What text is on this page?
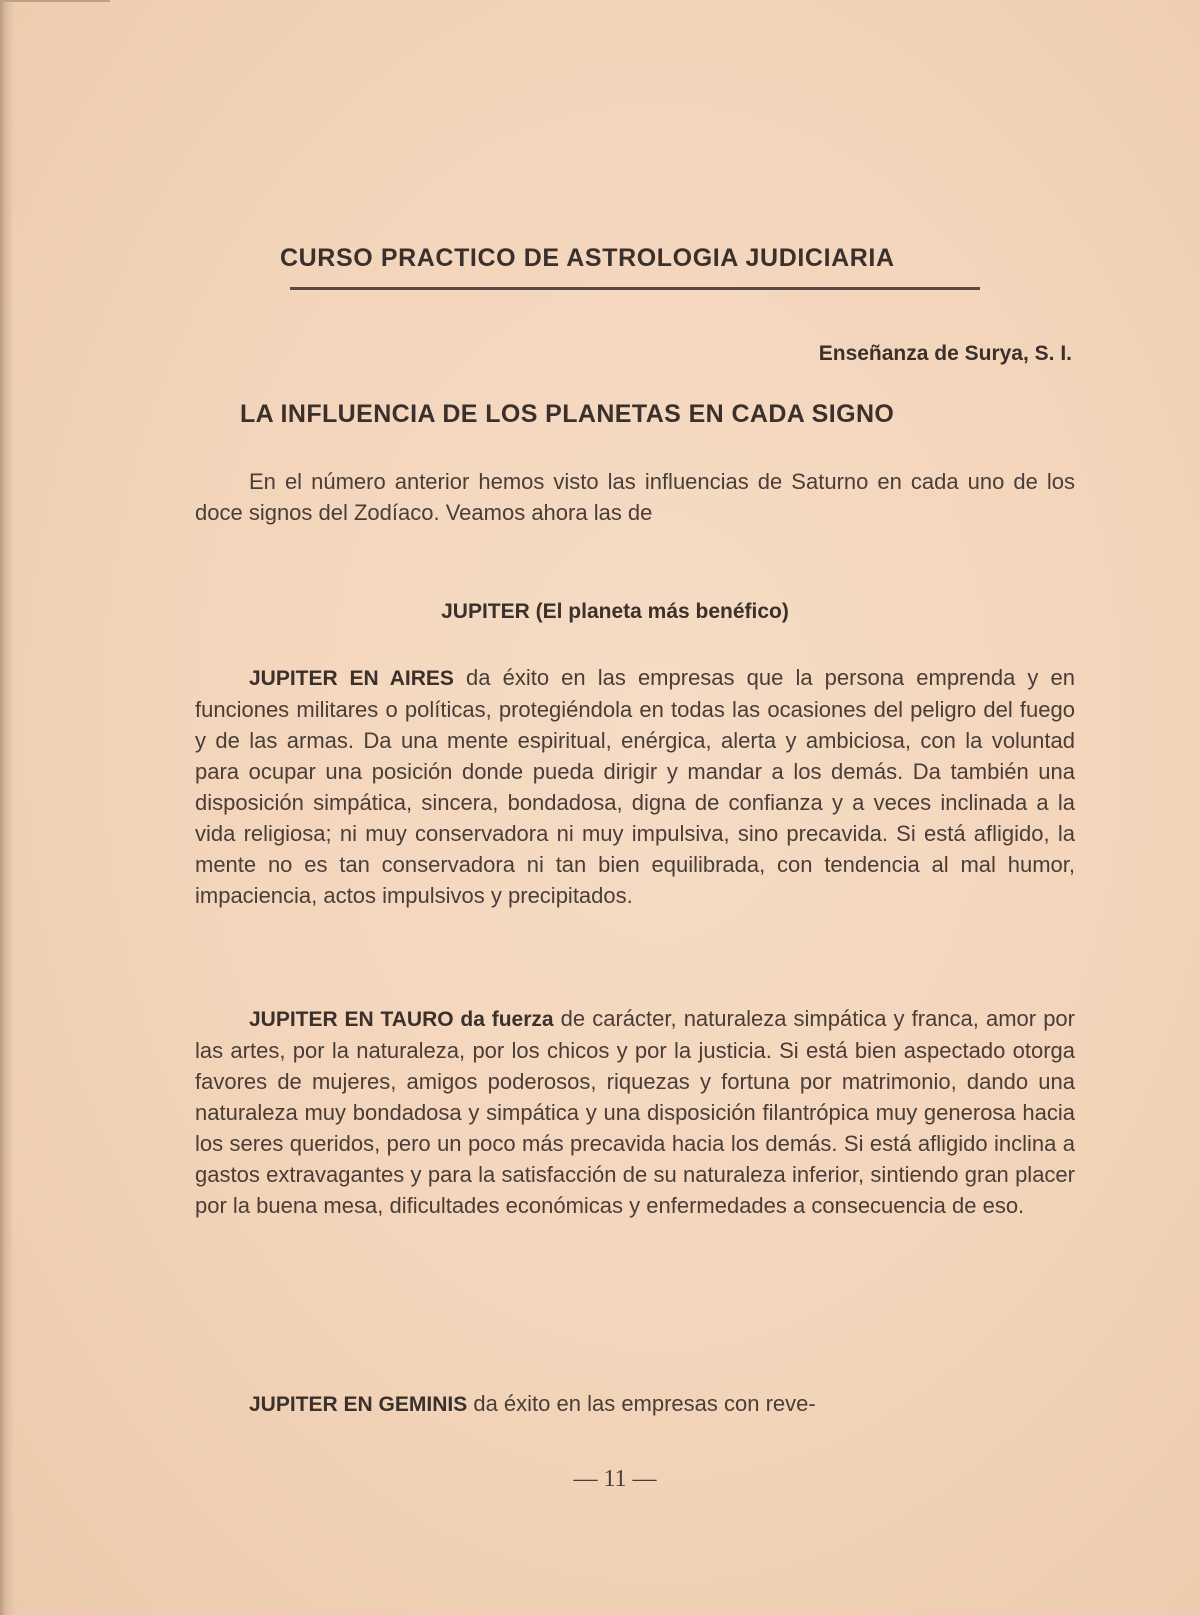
CURSO PRACTICO DE ASTROLOGIA JUDICIARIA
Enseñanza de Surya, S. I.
LA INFLUENCIA DE LOS PLANETAS EN CADA SIGNO

En el número anterior hemos visto las influencias de Saturno en cada uno de los doce signos del Zodíaco. Veamos ahora las de

JUPITER (El planeta más benéfico)

JUPITER EN AIRES da éxito en las empresas que la persona emprenda y en funciones militares o políticas, protegiéndola en todas las ocasiones del peligro del fuego y de las armas. Da una mente espiritual, enérgica, alerta y ambiciosa, con la voluntad para ocupar una posición donde pueda dirigir y mandar a los demás. Da también una disposición simpática, sincera, bondadosa, digna de confianza y a veces inclinada a la vida religiosa; ni muy conservadora ni muy impulsiva, sino precavida. Si está afligido, la mente no es tan conservadora ni tan bien equilibrada, con tendencia al mal humor, impaciencia, actos impulsivos y precipitados.

JUPITER EN TAURO da fuerza de carácter, naturaleza simpática y franca, amor por las artes, por la naturaleza, por los chicos y por la justicia. Si está bien aspectado otorga favores de mujeres, amigos poderosos, riquezas y fortuna por matrimonio, dando una naturaleza muy bondadosa y simpática y una disposición filantrópica muy generosa hacia los seres queridos, pero un poco más precavida hacia los demás. Si está afligido inclina a gastos extravagantes y para la satisfacción de su naturaleza inferior, sintiendo gran placer por la buena mesa, dificultades económicas y enfermedades a consecuencia de eso.

JUPITER EN GEMINIS da éxito en las empresas con reve-

— 11 —
